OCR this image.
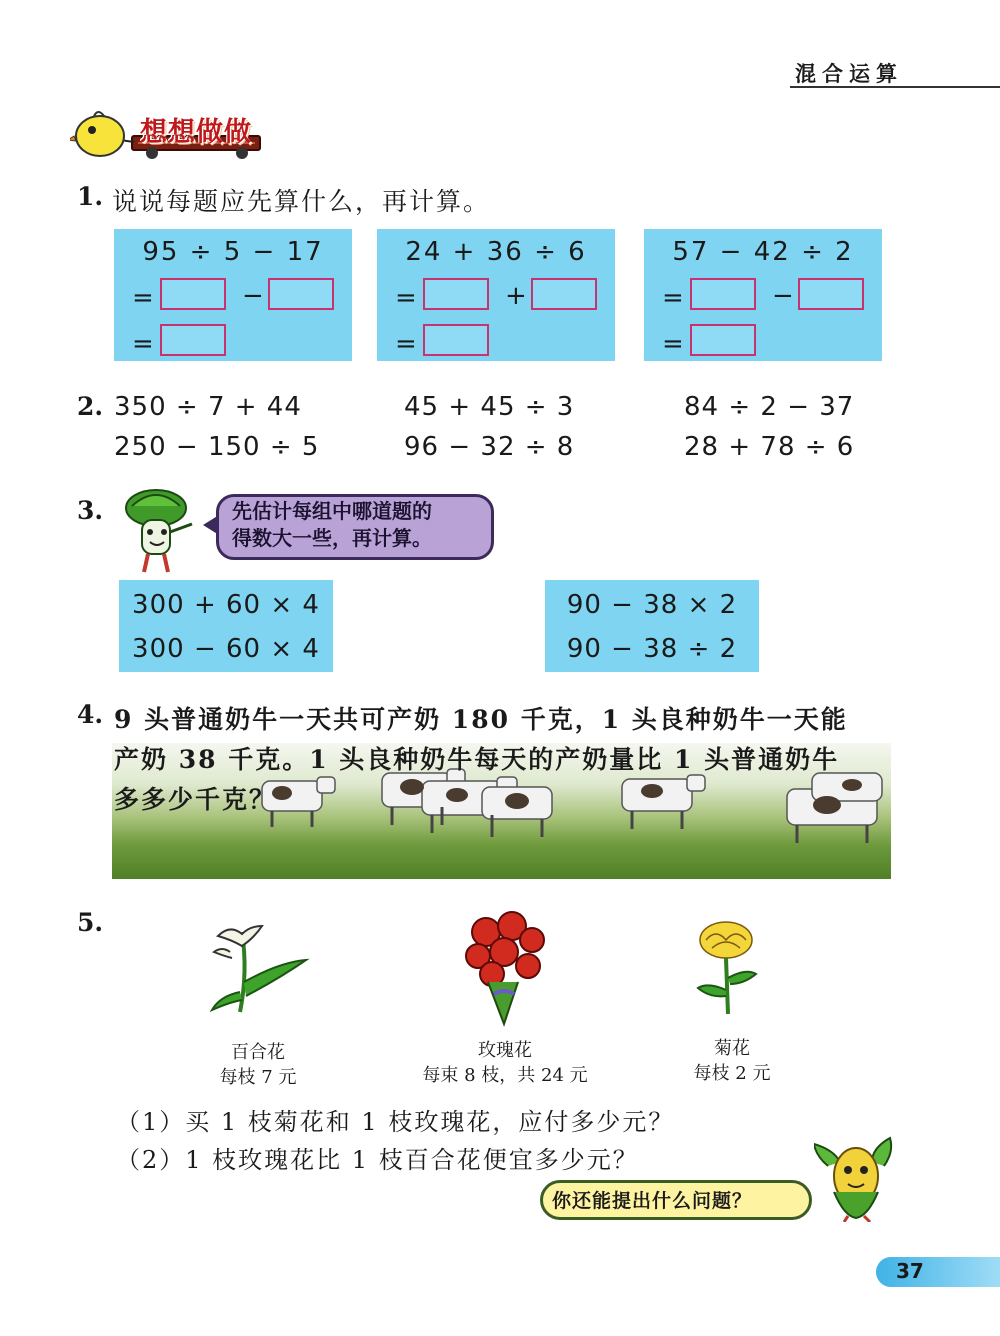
混合运算
想想做做
1. 说说每题应先算什么，再计算。
95 ÷ 5 − 17
=	−
=
24 + 36 ÷ 6
=	+
=
57 − 42 ÷ 2
=	−
=
2. 350 ÷ 7 + 44	45 + 45 ÷ 3	84 ÷ 2 − 37
250 − 150 ÷ 5	96 − 32 ÷ 8	28 + 78 ÷ 6
3.	先估计每组中哪道题的
得数大一些，再计算。
300 + 60 × 4
300 − 60 × 4
90 − 38 × 2
90 − 38 ÷ 2
4. 9 头普通奶牛一天共可产奶 180 千克，1 头良种奶牛一天能
产奶 38 千克。1 头良种奶牛每天的产奶量比 1 头普通奶牛
多多少千克？
5.
百合花
每枝 7 元
玫瑰花
每束 8 枝，共 24 元
菊花
每枝 2 元
（1）买 1 枝菊花和 1 枝玫瑰花，应付多少元？
（2）1 枝玫瑰花比 1 枝百合花便宜多少元？
你还能提出什么问题？
37
